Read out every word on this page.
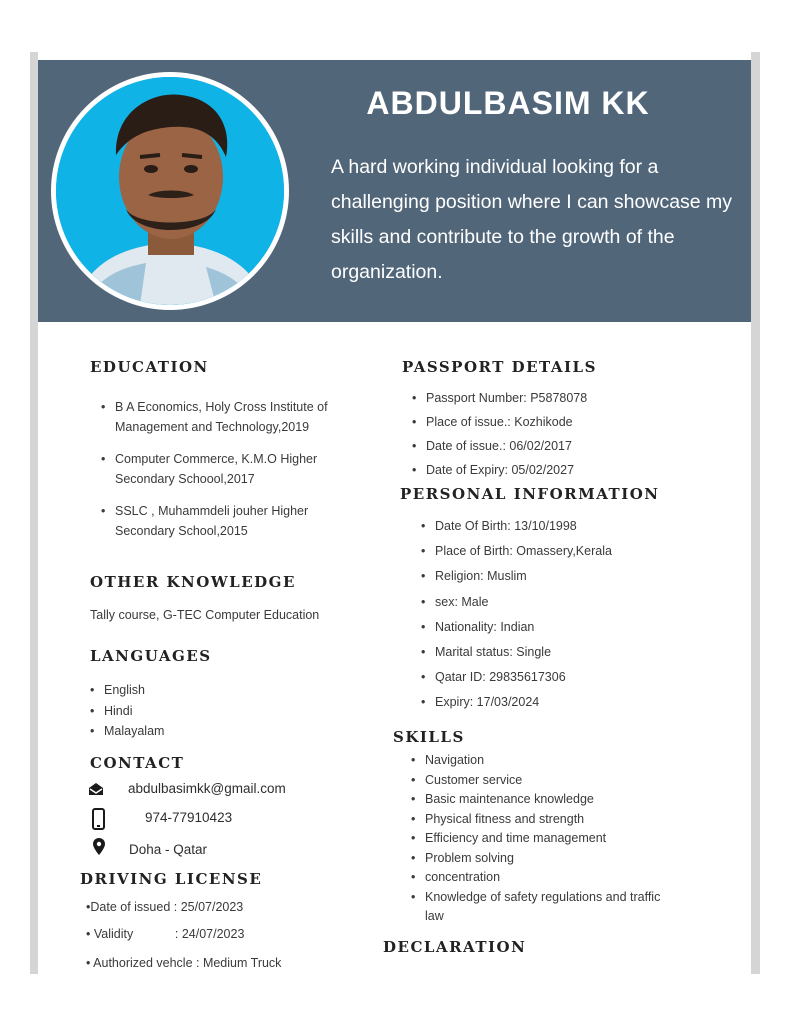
ABDULBASIM KK
A hard working individual looking for a challenging position where I can showcase my skills and contribute to the growth of the organization.
EDUCATION
• B A Economics, Holy Cross Institute of Management and Technology,2019
• Computer Commerce, K.M.O Higher Secondary Schoool,2017
• SSLC , Muhammdeli jouher Higher Secondary School,2015
OTHER KNOWLEDGE
Tally course, G-TEC Computer Education
LANGUAGES
• English
• Hindi
• Malayalam
CONTACT
abdulbasimkk@gmail.com
974-77910423
Doha - Qatar
DRIVING LICENSE
•Date of issued : 25/07/2023
• Validity            : 24/07/2023
• Authorized vehcle : Medium Truck
PASSPORT DETAILS
• Passport Number: P5878078
• Place of issue.: Kozhikode
• Date of issue.: 06/02/2017
• Date of Expiry: 05/02/2027
PERSONAL INFORMATION
• Date Of Birth: 13/10/1998
• Place of Birth: Omassery,Kerala
• Religion: Muslim
• sex: Male
• Nationality: Indian
• Marital status: Single
• Qatar ID: 29835617306
• Expiry: 17/03/2024
SKILLS
• Navigation
• Customer service
• Basic maintenance knowledge
• Physical fitness and strength
• Efficiency and time management
• Problem solving
• concentration
• Knowledge of safety regulations and traffic law
DECLARATION
